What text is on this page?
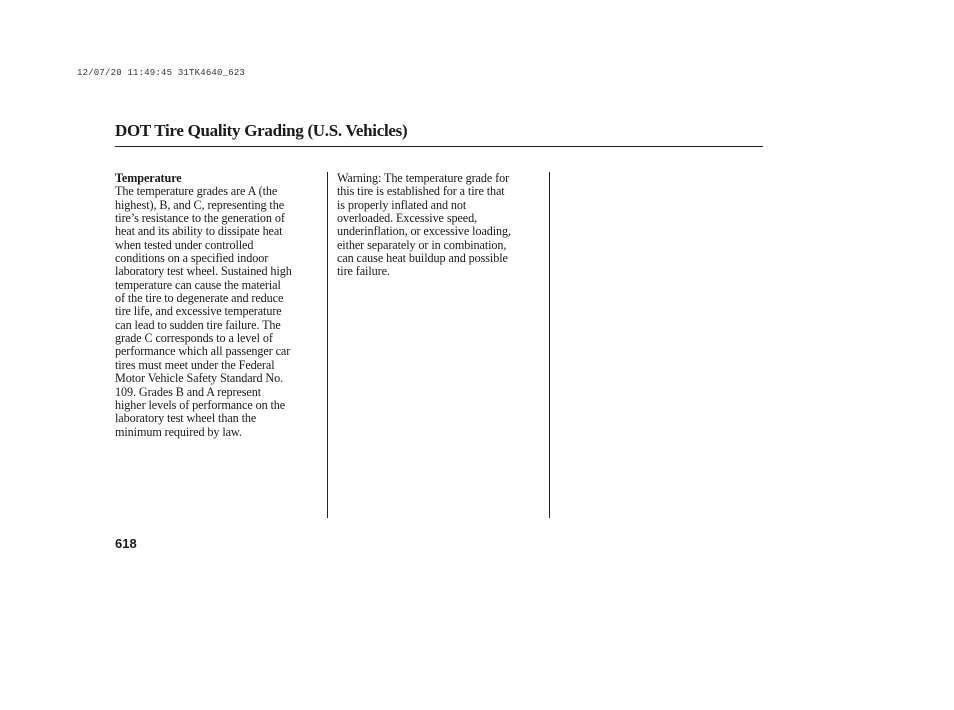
12/07/20 11:49:45 31TK4640_623
DOT Tire Quality Grading (U.S. Vehicles)
Temperature
The temperature grades are A (the
highest), B, and C, representing the
tire’s resistance to the generation of
heat and its ability to dissipate heat
when tested under controlled
conditions on a specified indoor
laboratory test wheel. Sustained high
temperature can cause the material
of the tire to degenerate and reduce
tire life, and excessive temperature
can lead to sudden tire failure. The
grade C corresponds to a level of
performance which all passenger car
tires must meet under the Federal
Motor Vehicle Safety Standard No.
109. Grades B and A represent
higher levels of performance on the
laboratory test wheel than the
minimum required by law.
Warning: The temperature grade for
this tire is established for a tire that
is properly inflated and not
overloaded. Excessive speed,
underinflation, or excessive loading,
either separately or in combination,
can cause heat buildup and possible
tire failure.
618
